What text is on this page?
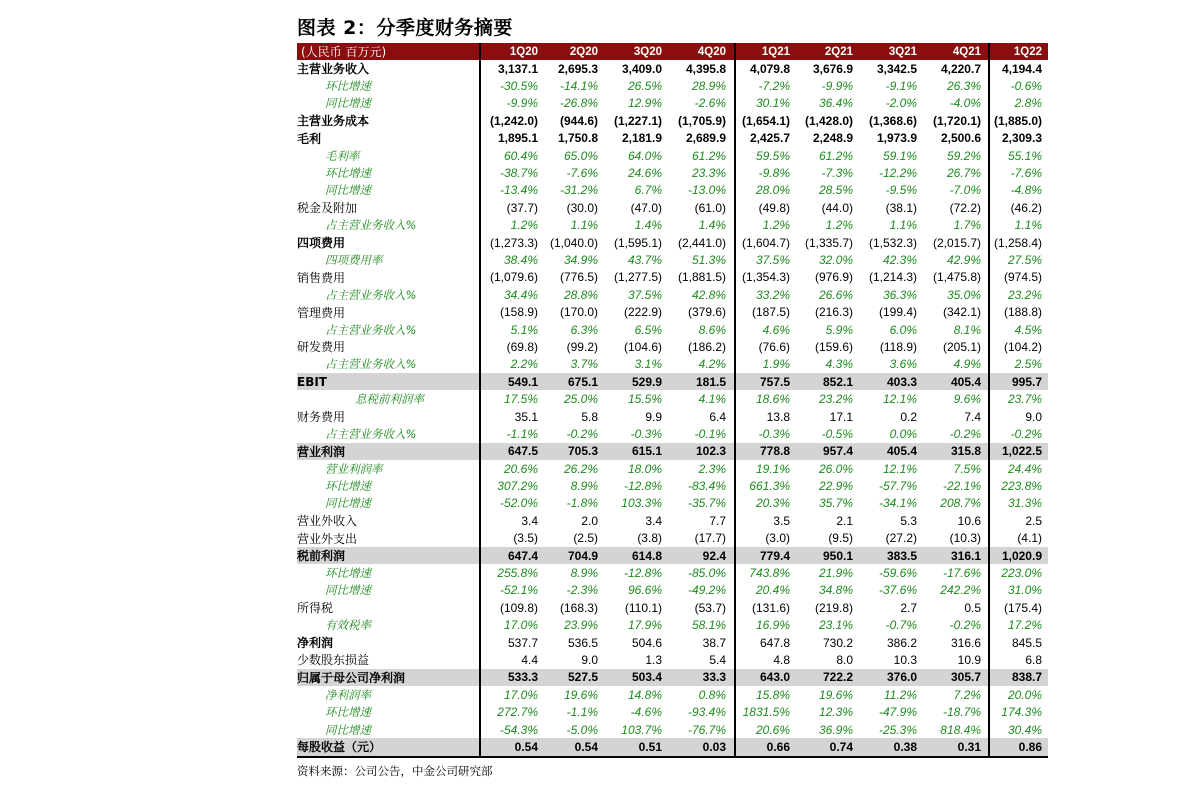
图表 2：分季度财务摘要
(人民币 百万元)	1Q20	2Q20	3Q20	4Q20	1Q21	2Q21	3Q21	4Q21	1Q22
主营业务收入	3,137.1 2,695.3 3,409.0 4,395.8 4,079.8 3,676.9 3,342.5 4,220.7 4,194.4
环比增速	-30.5% -14.1% 26.5% 28.9%	-7.2%	-9.9%	-9.1% 26.3% -0.6%
同比增速	-9.9% -26.8% 12.9%	-2.6% 30.1% 36.4%	-2.0%	-4.0%	2.8%
主营业务成本	(1,242.0) (944.6) (1,227.1) (1,705.9) (1,654.1) (1,428.0) (1,368.6) (1,720.1) (1,885.0)
毛利	1,895.1 1,750.8 2,181.9 2,689.9 2,425.7 2,248.9 1,973.9 2,500.6 2,309.3
毛利率	60.4% 65.0% 64.0% 61.2% 59.5% 61.2% 59.1% 59.2% 55.1%
环比增速	-38.7% -7.6% 24.6% 23.3%	-9.8%	-7.3% -12.2% 26.7% -7.6%
同比增速	-13.4% -31.2%	6.7% -13.0% 28.0% 28.5%	-9.5%	-7.0% -4.8%
税金及附加	(37.7) (30.0)	(47.0)	(61.0)	(49.8)	(44.0)	(38.1)	(72.2) (46.2)
占主营业务收入%	1.2%	1.1%	1.4%	1.4%	1.2%	1.2%	1.1%	1.7%	1.1%
四项费用	(1,273.3) (1,040.0) (1,595.1) (2,441.0) (1,604.7) (1,335.7) (1,532.3) (2,015.7) (1,258.4)
四项费用率	38.4% 34.9% 43.7% 51.3% 37.5% 32.0% 42.3% 42.9% 27.5%
销售费用	(1,079.6) (776.5) (1,277.5) (1,881.5) (1,354.3) (976.9) (1,214.3) (1,475.8) (974.5)
占主营业务收入%	34.4% 28.8% 37.5% 42.8% 33.2% 26.6% 36.3% 35.0% 23.2%
管理费用	(158.9) (170.0) (222.9) (379.6) (187.5) (216.3) (199.4) (342.1) (188.8)
占主营业务收入%	5.1%	6.3%	6.5%	8.6%	4.6%	5.9%	6.0%	8.1%	4.5%
研发费用	(69.8) (99.2) (104.6) (186.2)	(76.6) (159.6) (118.9) (205.1) (104.2)
占主营业务收入%	2.2%	3.7%	3.1%	4.2%	1.9%	4.3%	3.6%	4.9%	2.5%
EBIT	549.1 675.1	529.9	181.5	757.5	852.1	403.3	405.4	995.7
息税前利润率	17.5% 25.0% 15.5%	4.1% 18.6% 23.2% 12.1%	9.6% 23.7%
财务费用	35.1	5.8	9.9	6.4	13.8	17.1	0.2	7.4	9.0
占主营业务收入%	-1.1% -0.2%	-0.3%	-0.1%	-0.3%	-0.5%	0.0%	-0.2% -0.2%
营业利润	647.5 705.3	615.1	102.3	778.8	957.4	405.4	315.8 1,022.5
营业利润率	20.6% 26.2% 18.0%	2.3% 19.1% 26.0% 12.1%	7.5% 24.4%
环比增速	307.2%	8.9% -12.8% -83.4% 661.3% 22.9% -57.7% -22.1% 223.8%
同比增速	-52.0% -1.8% 103.3% -35.7% 20.3% 35.7% -34.1% 208.7% 31.3%
营业外收入	3.4	2.0	3.4	7.7	3.5	2.1	5.3	10.6	2.5
营业外支出	(3.5)	(2.5)	(3.8)	(17.7)	(3.0)	(9.5)	(27.2)	(10.3)	(4.1)
税前利润	647.4 704.9	614.8	92.4	779.4	950.1	383.5	316.1 1,020.9
环比增速	255.8%	8.9% -12.8% -85.0% 743.8% 21.9% -59.6% -17.6% 223.0%
同比增速	-52.1% -2.3% 96.6% -49.2% 20.4% 34.8% -37.6% 242.2% 31.0%
所得税	(109.8) (168.3) (110.1)	(53.7) (131.6) (219.8)	2.7	0.5 (175.4)
有效税率	17.0% 23.9% 17.9% 58.1% 16.9% 23.1%	-0.7%	-0.2% 17.2%
净利润	537.7 536.5	504.6	38.7	647.8	730.2	386.2	316.6	845.5
少数股东损益	4.4	9.0	1.3	5.4	4.8	8.0	10.3	10.9	6.8
归属于母公司净利润	533.3 527.5	503.4	33.3	643.0	722.2	376.0	305.7	838.7
净利润率	17.0% 19.6% 14.8%	0.8% 15.8% 19.6%	11.2%	7.2% 20.0%
环比增速	272.7% -1.1%	-4.6% -93.4% 1831.5% 12.3% -47.9% -18.7% 174.3%
同比增速	-54.3% -5.0% 103.7% -76.7% 20.6% 36.9% -25.3% 818.4% 30.4%
每股收益（元）	0.54	0.54	0.51	0.03	0.66	0.74	0.38	0.31	0.86
资料来源：公司公告，中金公司研究部
